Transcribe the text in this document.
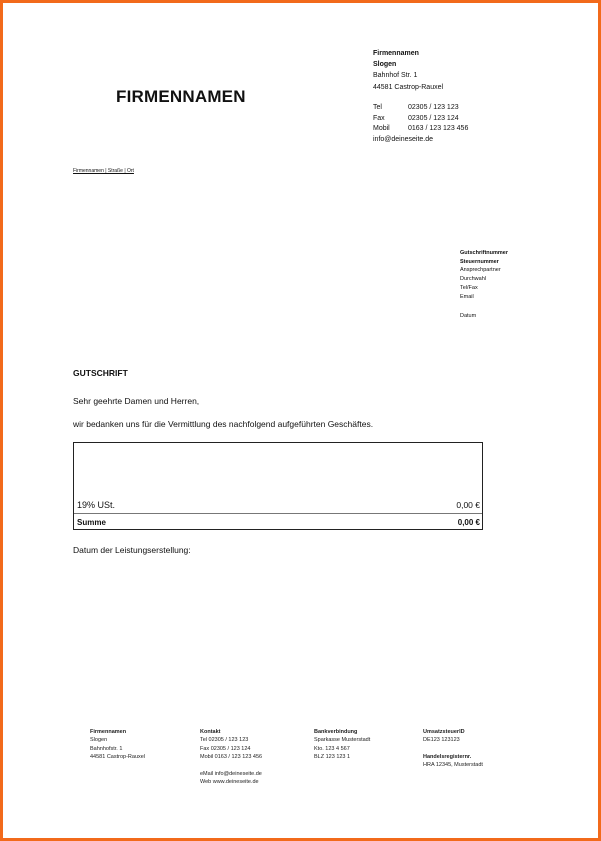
FIRMENNAMEN
Firmennamen
Slogen
Bahnhof Str. 1
44581 Castrop-Rauxel
Tel	02305 / 123 123
Fax	02305 / 123 124
Mobil	0163 / 123 123 456
info@deineseite.de
Firmennamen | Straße | Ort
Gutschriftnummer
Steuernummer
Ansprechpartner
Durchwahl
Tel/Fax
Email
Datum
GUTSCHRIFT
Sehr geehrte Damen und Herren,
wir bedanken uns für die Vermittlung des nachfolgend aufgeführten Geschäftes.
19% USt.	0,00 €
Summe	0,00 €
Datum der Leistungserstellung:
Firmennamen
Slogen
Bahnhofstr. 1
44581 Castrop-Rauxel
Kontakt
Tel 02305 / 123 123
Fax 02305 / 123 124
Mobil 0163 / 123 123 456
eMail info@deineseite.de
Web www.deineseite.de
Bankverbindung
Sparkasse Musterstadt
Kto. 123 4 567
BLZ 123 123 1
UmsatzsteuerID
DE123 123123
Handelsregisternr.
HRA 12345, Musterstadt
